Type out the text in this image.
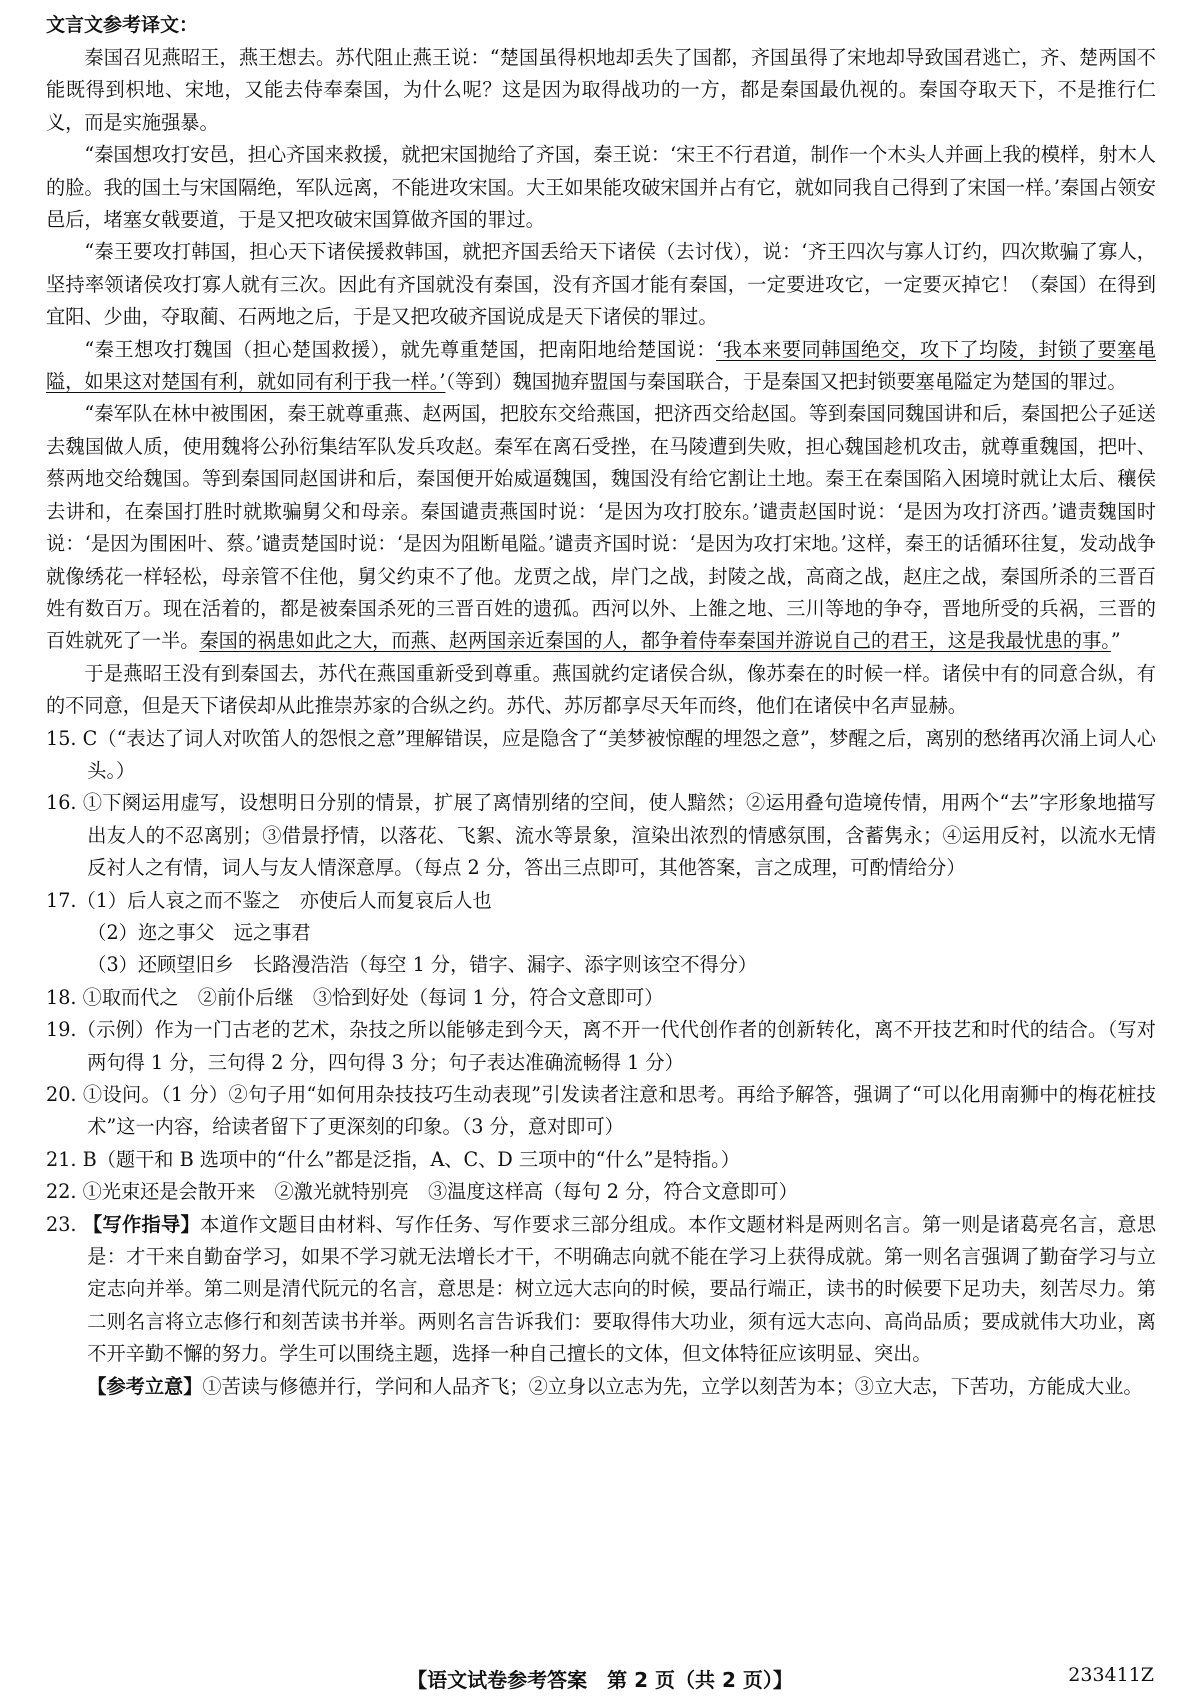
文言文参考译文：

秦国召见燕昭王，燕王想去。苏代阻止燕王说：“楚国虽得枳地却丢失了国都，齐国虽得了宋地却导致国君逃亡，齐、楚两国不能既得到枳地、宋地，又能去侍奉秦国，为什么呢？这是因为取得战功的一方，都是秦国最仇视的。秦国夺取天下，不是推行仁义，而是实施强暴。

“秦国想攻打安邑，担心齐国来救援，就把宋国抛给了齐国，秦王说：‘宋王不行君道，制作一个木头人并画上我的模样，射木人的脸。我的国土与宋国隔绝，军队远离，不能进攻宋国。大王如果能攻破宋国并占有它，就如同我自己得到了宋国一样。’秦国占领安邑后，堵塞女戟要道，于是又把攻破宋国算做齐国的罪过。

“秦王要攻打韩国，担心天下诸侯援救韩国，就把齐国丢给天下诸侯（去讨伐），说：‘齐王四次与寡人订约，四次欺骗了寡人，坚持率领诸侯攻打寡人就有三次。因此有齐国就没有秦国，没有齐国才能有秦国，一定要进攻它，一定要灭掉它！（秦国）在得到宜阳、少曲，夺取蔺、石两地之后，于是又把攻破齐国说成是天下诸侯的罪过。

“秦王想攻打魏国（担心楚国救援），就先尊重楚国，把南阳地给楚国说：‘我本来要同韩国绝交，攻下了均陵，封锁了要塞黾隘，如果这对楚国有利，就如同有利于我一样。’（等到）魏国抛弃盟国与秦国联合，于是秦国又把封锁要塞黾隘定为楚国的罪过。

“秦军队在林中被围困，秦王就尊重燕、赵两国，把胶东交给燕国，把济西交给赵国。等到秦国同魏国讲和后，秦国把公子延送去魏国做人质，使用魏将公孙衍集结军队发兵攻赵。秦军在离石受挫，在马陵遭到失败，担心魏国趁机攻击，就尊重魏国，把叶、蔡两地交给魏国。等到秦国同赵国讲和后，秦国便开始威逼魏国，魏国没有给它割让土地。秦王在秦国陷入困境时就让太后、穰侯去讲和，在秦国打胜时就欺骗舅父和母亲。秦国谴责燕国时说：‘是因为攻打胶东。’谴责赵国时说：‘是因为攻打济西。’谴责魏国时说：‘是因为围困叶、蔡。’谴责楚国时说：‘是因为阻断黾隘。’谴责齐国时说：‘是因为攻打宋地。’这样，秦王的话循环往复，发动战争就像绣花一样轻松，母亲管不住他，舅父约束不了他。龙贾之战，岸门之战，封陵之战，高商之战，赵庄之战，秦国所杀的三晋百姓有数百万。现在活着的，都是被秦国杀死的三晋百姓的遗孤。西河以外、上雒之地、三川等地的争夺，晋地所受的兵祸，三晋的百姓就死了一半。秦国的祸患如此之大，而燕、赵两国亲近秦国的人，都争着侍奉秦国并游说自己的君王，这是我最忧患的事。”

于是燕昭王没有到秦国去，苏代在燕国重新受到尊重。燕国就约定诸侯合纵，像苏秦在的时候一样。诸侯中有的同意合纵，有的不同意，但是天下诸侯却从此推崇苏家的合纵之约。苏代、苏厉都享尽天年而终，他们在诸侯中名声显赫。

15. C（“表达了词人对吹笛人的怨恨之意”理解错误，应是隐含了“美梦被惊醒的埋怨之意”，梦醒之后，离别的愁绪再次涌上词人心头。）

16. ①下阕运用虚写，设想明日分别的情景，扩展了离情别绪的空间，使人黯然；②运用叠句造境传情，用两个“去”字形象地描写出友人的不忍离别；③借景抒情，以落花、飞絮、流水等景象，渲染出浓烈的情感氛围，含蓄隽永；④运用反衬，以流水无情反衬人之有情，词人与友人情深意厚。（每点 2 分，答出三点即可，其他答案，言之成理，可酌情给分）

17.（1）后人哀之而不鉴之　亦使后人而复哀后人也

（2）迩之事父　远之事君

（3）还顾望旧乡　长路漫浩浩（每空 1 分，错字、漏字、添字则该空不得分）

18. ①取而代之　②前仆后继　③恰到好处（每词 1 分，符合文意即可）

19.（示例）作为一门古老的艺术，杂技之所以能够走到今天，离不开一代代创作者的创新转化，离不开技艺和时代的结合。（写对两句得 1 分，三句得 2 分，四句得 3 分；句子表达准确流畅得 1 分）

20. ①设问。（1 分）②句子用“如何用杂技技巧生动表现”引发读者注意和思考。再给予解答，强调了“可以化用南狮中的梅花桩技术”这一内容，给读者留下了更深刻的印象。（3 分，意对即可）

21. B（题干和 B 选项中的“什么”都是泛指，A、C、D 三项中的“什么”是特指。）

22. ①光束还是会散开来　②激光就特别亮　③温度这样高（每句 2 分，符合文意即可）

23. 【写作指导】本道作文题目由材料、写作任务、写作要求三部分组成。本作文题材料是两则名言。第一则是诸葛亮名言，意思是：才干来自勤奋学习，如果不学习就无法增长才干，不明确志向就不能在学习上获得成就。第一则名言强调了勤奋学习与立定志向并举。第二则是清代阮元的名言，意思是：树立远大志向的时候，要品行端正，读书的时候要下足功夫，刻苦尽力。第二则名言将立志修行和刻苦读书并举。两则名言告诉我们：要取得伟大功业，须有远大志向、高尚品质；要成就伟大功业，离不开辛勤不懈的努力。学生可以围绕主题，选择一种自己擅长的文体，但文体特征应该明显、突出。

【参考立意】①苦读与修德并行，学问和人品齐飞；②立身以立志为先，立学以刻苦为本；③立大志，下苦功，方能成大业。

【语文试卷参考答案　第 2 页（共 2 页）】	233411Z
